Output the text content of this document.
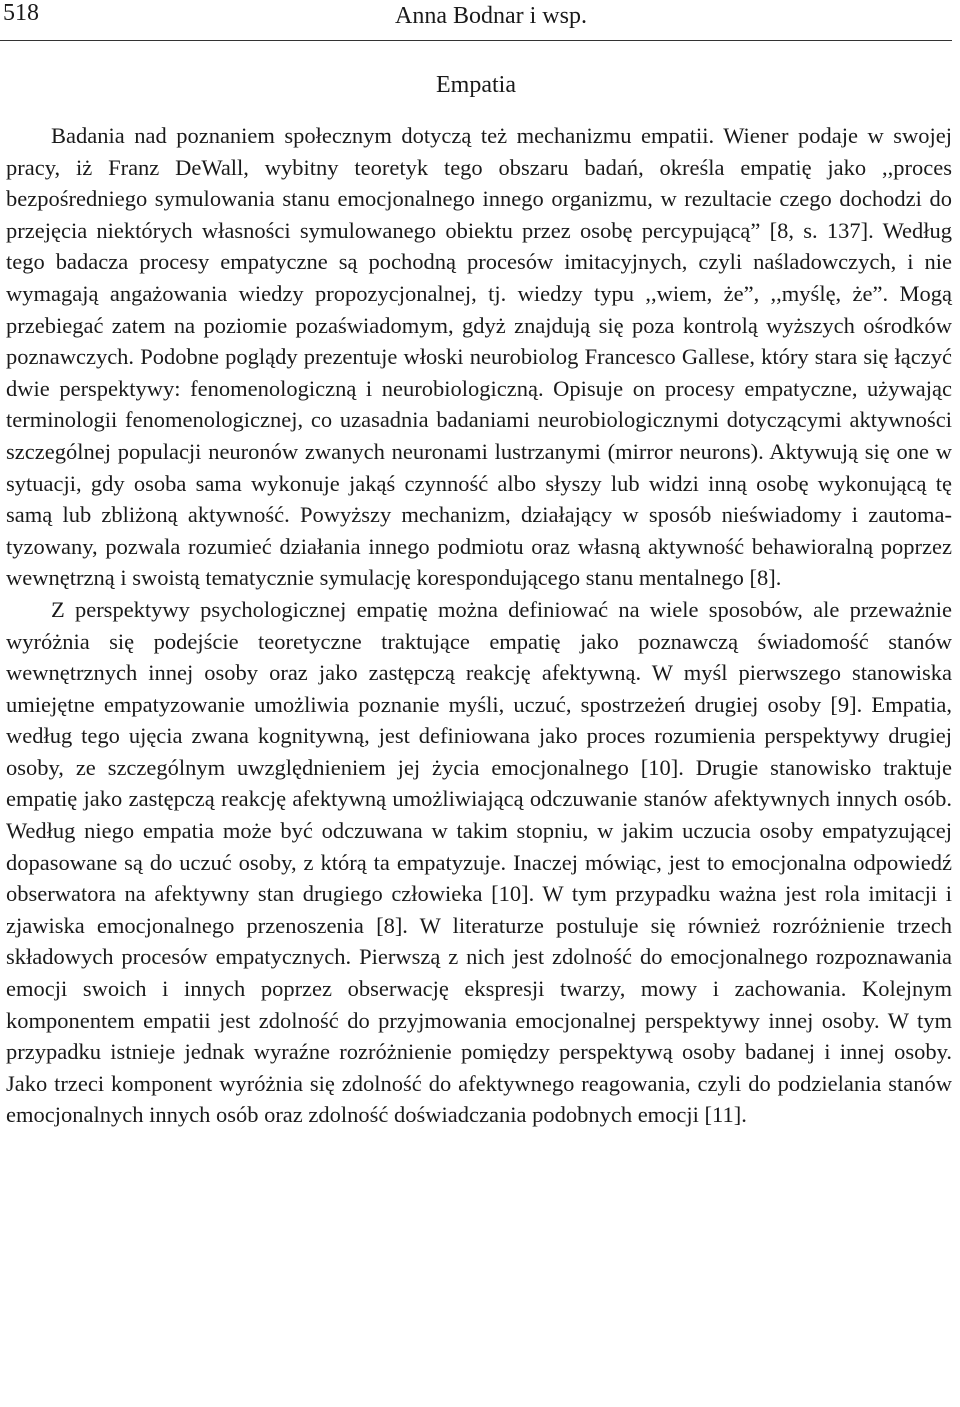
518	Anna Bodnar i wsp.
Empatia

Badania nad poznaniem społecznym dotyczą też mechanizmu empatii. Wiener podaje w swojej pracy, iż Franz DeWall, wybitny teoretyk tego obszaru badań, określa empatię jako ,,proces bezpośredniego symulowania stanu emocjonalnego innego organizmu, w rezultacie czego dochodzi do przejęcia niektórych własności symulowanego obiektu przez osobę percypującą” [8, s. 137]. Według tego badacza procesy empatyczne są pochodną procesów imitacyjnych, czyli naśladowczych, i nie wymagają angażowania wiedzy propozycjonalnej, tj. wiedzy typu ,,wiem, że”, ,,myślę, że”. Mogą przebiegać zatem na poziomie pozaświadomym, gdyż znajdują się poza kontrolą wyższych ośrodków poznawczych. Podobne poglądy prezentuje włoski neurobiolog Francesco Gallese, który stara się łączyć dwie perspektywy: fenomenologiczną i neurobiologiczną. Opisuje on procesy empatyczne, używając terminologii fenomenologicznej, co uzasadnia badaniami neurobiologicznymi dotyczącymi aktywności szczególnej populacji neuronów zwanych neuronami lustrzanymi (mirror neurons). Aktywują się one w sytuacji, gdy osoba sama wykonuje jakąś czynność albo słyszy lub widzi inną osobę wykonującą tę samą lub zbliżoną aktywność. Powyższy mechanizm, działający w sposób nieświadomy i zautomatyzowany, pozwala rozumieć działania innego podmiotu oraz własną aktywność behawioralną poprzez wewnętrzną i swoistą tematycznie symulację korespondującego stanu mentalnego [8].

Z perspektywy psychologicznej empatię można definiować na wiele sposobów, ale przeważnie wyróżnia się podejście teoretyczne traktujące empatię jako poznawczą świadomość stanów wewnętrznych innej osoby oraz jako zastępczą reakcję afektywną. W myśl pierwszego stanowiska umiejętne empatyzowanie umożliwia poznanie myśli, uczuć, spostrzeżeń drugiej osoby [9]. Empatia, według tego ujęcia zwana kognitywną, jest definiowana jako proces rozumienia perspektywy drugiej osoby, ze szczególnym uwzględnieniem jej życia emocjonalnego [10]. Drugie stanowisko traktuje empatię jako zastępczą reakcję afektywną umożliwiającą odczuwanie stanów afektywnych innych osób. Według niego empatia może być odczuwana w takim stopniu, w jakim uczucia osoby empatyzującej dopasowane są do uczuć osoby, z którą ta empatyzuje. Inaczej mówiąc, jest to emocjonalna odpowiedź obserwatora na afektywny stan drugiego człowieka [10]. W tym przypadku ważna jest rola imitacji i zjawiska emocjonalnego przenoszenia [8]. W literaturze postuluje się również rozróżnienie trzech składowych procesów empatycznych. Pierwszą z nich jest zdolność do emocjonalnego rozpoznawania emocji swoich i innych poprzez obserwację ekspresji twarzy, mowy i zachowania. Kolejnym komponentem empatii jest zdolność do przyjmowania emocjonalnej perspektywy innej osoby. W tym przypadku istnieje jednak wyraźne rozróżnienie pomiędzy perspektywą osoby badanej i innej osoby. Jako trzeci komponent wyróżnia się zdolność do afektywnego reagowania, czyli do podzielania stanów emocjonalnych innych osób oraz zdolność doświadczania podobnych emocji [11].
